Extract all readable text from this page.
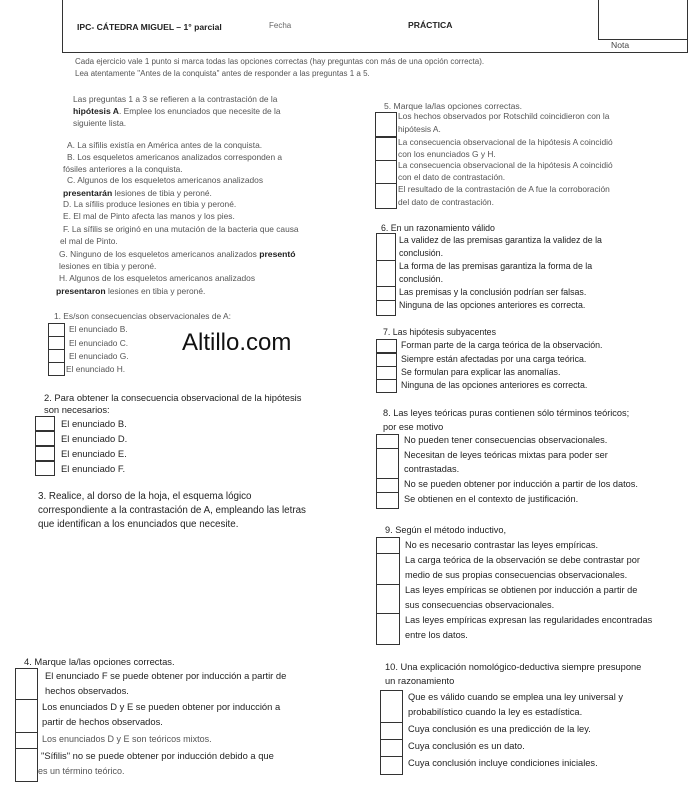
IPC- CÁTEDRA MIGUEL – 1° parcial	Fecha	PRÁCTICA
Nota
Cada ejercicio vale 1 punto si marca todas las opciones correctas (hay preguntas con más de una opción correcta).
Lea atentamente "Antes de la conquista" antes de responder a las preguntas 1 a 5.
Las preguntas 1 a 3 se refieren a la contrastación de la
hipótesis A. Emplee los enunciados que necesite de la
siguiente lista.
A. La sífilis existía en América antes de la conquista.
B. Los esqueletos americanos analizados corresponden a
fósiles anteriores a la conquista.
C. Algunos de los esqueletos americanos analizados
presentarán lesiones de tibia y peroné.
D. La sífilis produce lesiones en tibia y peroné.
E. El mal de Pinto afecta las manos y los pies.
F. La sífilis se originó en una mutación de la bacteria que causa
el mal de Pinto.
G. Ninguno de los esqueletos americanos analizados presentó
lesiones en tibia y peroné.
H. Algunos de los esqueletos americanos analizados
presentaron lesiones en tibia y peroné.
Altillo.com
1. Es/son consecuencias observacionales de A:
El enunciado B.
El enunciado C.
El enunciado G.
El enunciado H.
2. Para obtener la consecuencia observacional de la hipótesis
son necesarios:
El enunciado B.
El enunciado D.
El enunciado E.
El enunciado F.
3. Realice, al dorso de la hoja, el esquema lógico
correspondiente a la contrastación de A, empleando las letras
que identifican a los enunciados que necesite.
4. Marque la/las opciones correctas.
El enunciado F se puede obtener por inducción a partir de
hechos observados.
Los enunciados D y E se pueden obtener por inducción a
partir de hechos observados.
Los enunciados D y E son teóricos mixtos.
"Sífilis" no se puede obtener por inducción debido a que
es un término teórico.
5. Marque la/las opciones correctas.
Los hechos observados por Rotschild coincidieron con la
hipótesis A.
La consecuencia observacional de la hipótesis A coincidió
con los enunciados G y H.
La consecuencia observacional de la hipótesis A coincidió
con el dato de contrastación.
El resultado de la contrastación de A fue la corroboración
del dato de contrastación.
6. En un razonamiento válido
La validez de las premisas garantiza la validez de la
conclusión.
La forma de las premisas garantiza la forma de la
conclusión.
Las premisas y la conclusión podrían ser falsas.
Ninguna de las opciones anteriores es correcta.
7. Las hipótesis subyacentes
Forman parte de la carga teórica de la observación.
Siempre están afectadas por una carga teórica.
Se formulan para explicar las anomalías.
Ninguna de las opciones anteriores es correcta.
8. Las leyes teóricas puras contienen sólo términos teóricos;
por ese motivo
No pueden tener consecuencias observacionales.
Necesitan de leyes teóricas mixtas para poder ser
contrastadas.
No se pueden obtener por inducción a partir de los datos.
Se obtienen en el contexto de justificación.
9. Según el método inductivo,
No es necesario contrastar las leyes empíricas.
La carga teórica de la observación se debe contrastar por
medio de sus propias consecuencias observacionales.
Las leyes empíricas se obtienen por inducción a partir de
sus consecuencias observacionales.
Las leyes empíricas expresan las regularidades encontradas
entre los datos.
10. Una explicación nomológico-deductiva siempre presupone
un razonamiento
Que es válido cuando se emplea una ley universal y
probabilístico cuando la ley es estadística.
Cuya conclusión es una predicción de la ley.
Cuya conclusión es un dato.
Cuya conclusión incluye condiciones iniciales.
